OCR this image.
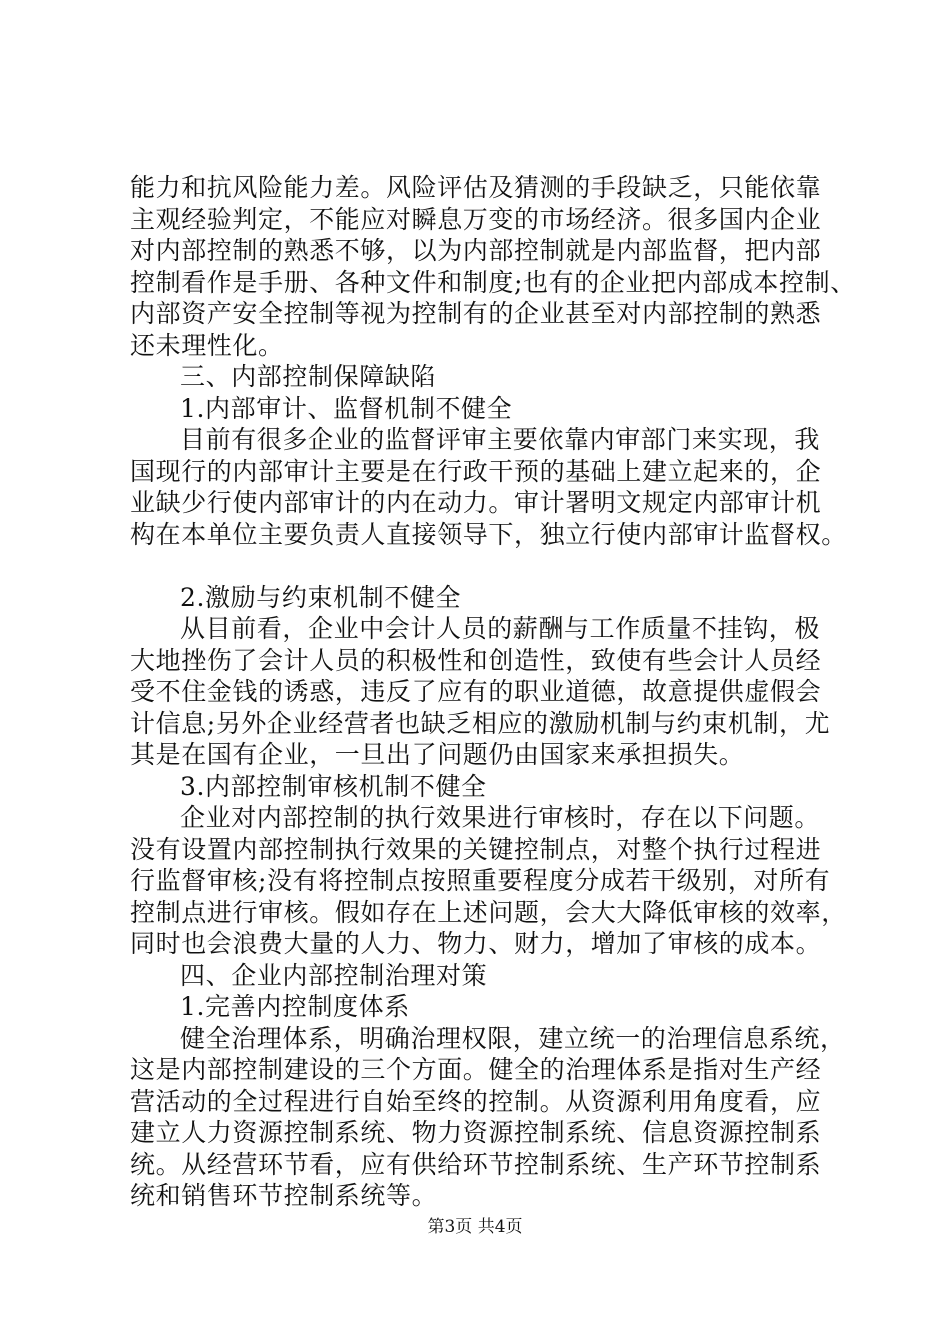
能力和抗风险能力差。风险评估及猜测的手段缺乏，只能依靠
主观经验判定，不能应对瞬息万变的市场经济。很多国内企业
对内部控制的熟悉不够，以为内部控制就是内部监督，把内部
控制看作是手册、各种文件和制度;也有的企业把内部成本控制、
内部资产安全控制等视为控制有的企业甚至对内部控制的熟悉
还未理性化。
三、内部控制保障缺陷
1.内部审计、监督机制不健全
目前有很多企业的监督评审主要依靠内审部门来实现，我
国现行的内部审计主要是在行政干预的基础上建立起来的，企
业缺少行使内部审计的内在动力。审计署明文规定内部审计机
构在本单位主要负责人直接领导下，独立行使内部审计监督权。
2.激励与约束机制不健全
从目前看，企业中会计人员的薪酬与工作质量不挂钩，极
大地挫伤了会计人员的积极性和创造性，致使有些会计人员经
受不住金钱的诱惑，违反了应有的职业道德，故意提供虚假会
计信息;另外企业经营者也缺乏相应的激励机制与约束机制，尤
其是在国有企业，一旦出了问题仍由国家来承担损失。
3.内部控制审核机制不健全
企业对内部控制的执行效果进行审核时，存在以下问题。
没有设置内部控制执行效果的关键控制点，对整个执行过程进
行监督审核;没有将控制点按照重要程度分成若干级别，对所有
控制点进行审核。假如存在上述问题，会大大降低审核的效率，
同时也会浪费大量的人力、物力、财力，增加了审核的成本。
四、企业内部控制治理对策
1.完善内控制度体系
健全治理体系，明确治理权限，建立统一的治理信息系统，
这是内部控制建设的三个方面。健全的治理体系是指对生产经
营活动的全过程进行自始至终的控制。从资源利用角度看，应
建立人力资源控制系统、物力资源控制系统、信息资源控制系
统。从经营环节看，应有供给环节控制系统、生产环节控制系
统和销售环节控制系统等。
第3页 共4页
